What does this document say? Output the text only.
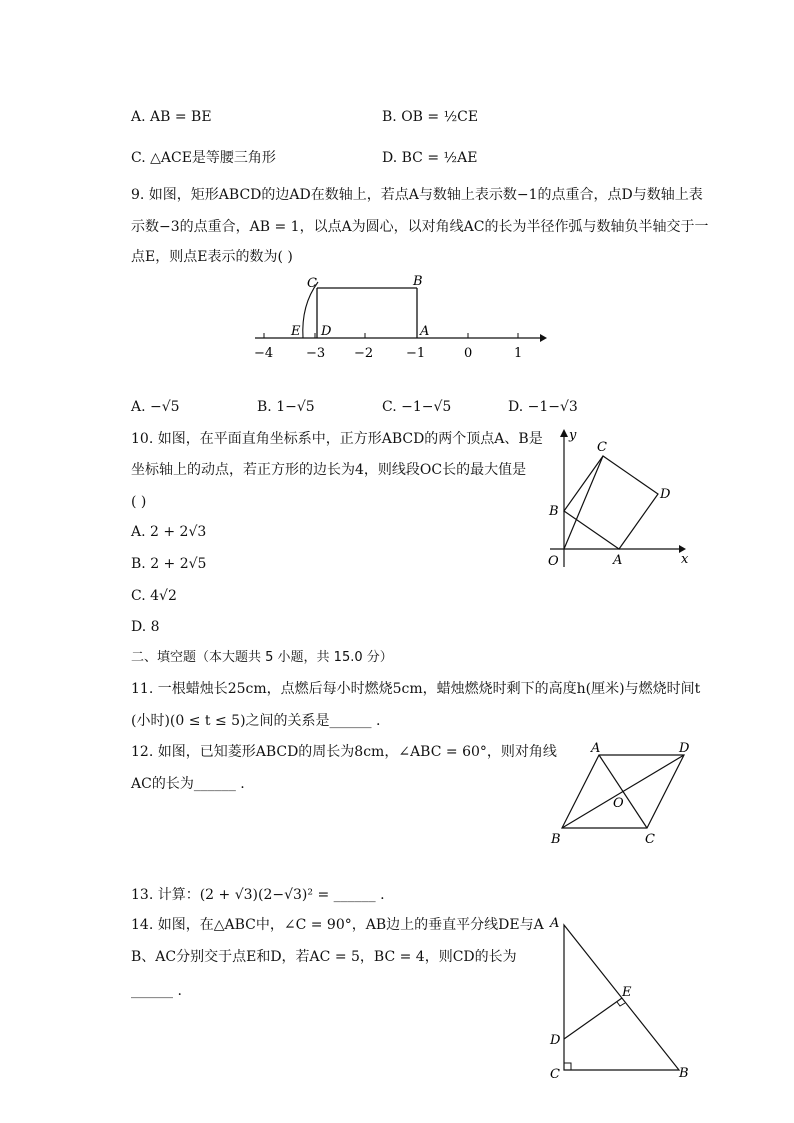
A. AB = BE	B. OB = ½CE
C. △ACE是等腰三角形	D. BC = ½AE
9. 如图，矩形ABCD的边AD在数轴上，若点A与数轴上表示数−1的点重合，点D与数轴上表
示数−3的点重合，AB = 1，以点A为圆心，以对角线AC的长为半径作弧与数轴负半轴交于一
点E，则点E表示的数为( )
−4	−3 −2	−1	0	1
C	B
E D	A
A. −√5	B. 1−√5	C. −1−√5	D. −1−√3
10. 如图，在平面直角坐标系中，正方形ABCD的两个顶点A、B是
坐标轴上的动点，若正方形的边长为4，则线段OC长的最大值是
( )
A. 2 + 2√3
B. 2 + 2√5
C. 4√2
D. 8
y
x
O	A
B
C
D
二、填空题（本大题共 5 小题，共 15.0 分）
11. 一根蜡烛长25cm，点燃后每小时燃烧5cm，蜡烛燃烧时剩下的高度h(厘米)与燃烧时间t
(小时)(0 ≤ t ≤ 5)之间的关系是______ .
12. 如图，已知菱形ABCD的周长为8cm，∠ABC = 60°，则对角线
AC的长为______ .
A	D
O
B	C
13. 计算：(2 + √3)(2−√3)² = ______ .
14. 如图，在△ABC中，∠C = 90°，AB边上的垂直平分线DE与A
B、AC分别交于点E和D，若AC = 5，BC = 4，则CD的长为
______ .
A
E
D
C	B
